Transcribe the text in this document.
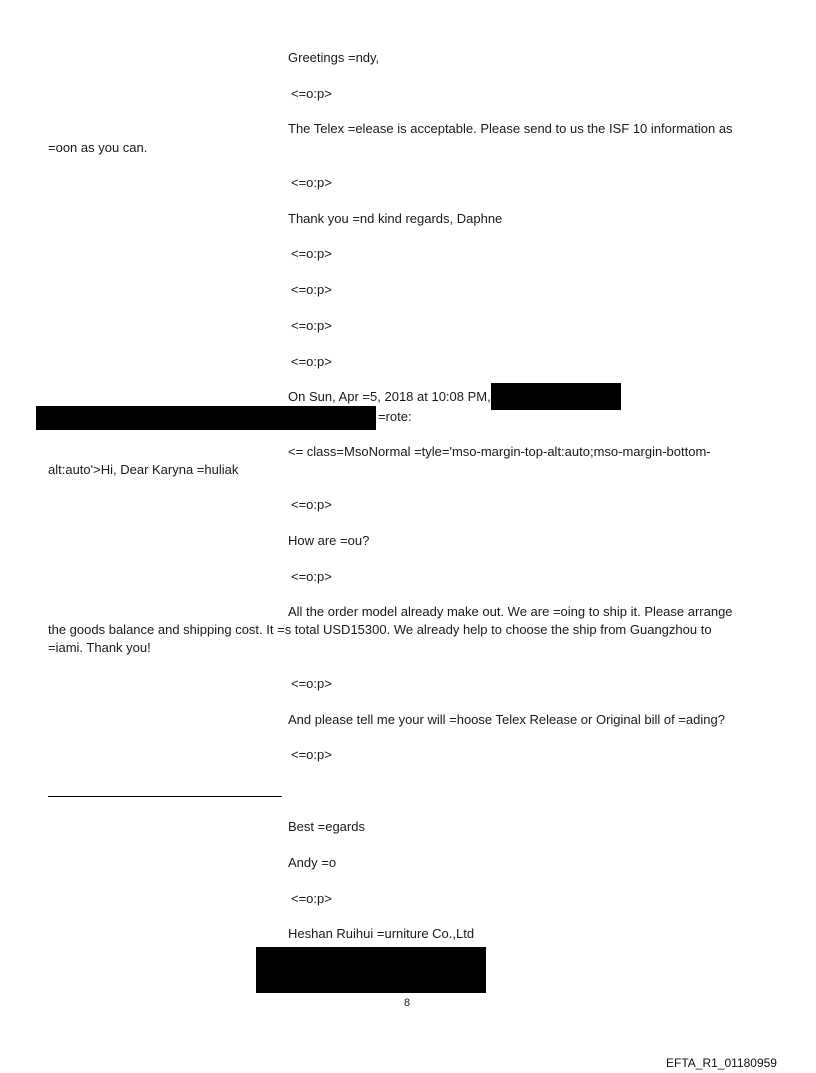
Greetings =ndy,
<=o:p>
The Telex =elease is acceptable. Please send to us the ISF 10 information as
=oon as you can.
<=o:p>
Thank you =nd kind regards, Daphne
<=o:p>
<=o:p>
<=o:p>
<=o:p>
On Sun, Apr =5, 2018 at 10:08 PM,
=rote:
<= class=MsoNormal =tyle='mso-margin-top-alt:auto;mso-margin-bottom-
alt:auto'>Hi, Dear Karyna =huliak
<=o:p>
How are =ou?
<=o:p>
All the order model already make out. We are =oing to ship it. Please arrange
the goods balance and shipping cost. It =s total USD15300. We already help to choose the ship from Guangzhou to
=iami. Thank you!
<=o:p>
And please tell me your will =hoose Telex Release or Original bill of =ading?
<=o:p>
Best =egards
Andy =o
<=o:p>
Heshan Ruihui =urniture Co.,Ltd
8
EFTA_R1_01180959
